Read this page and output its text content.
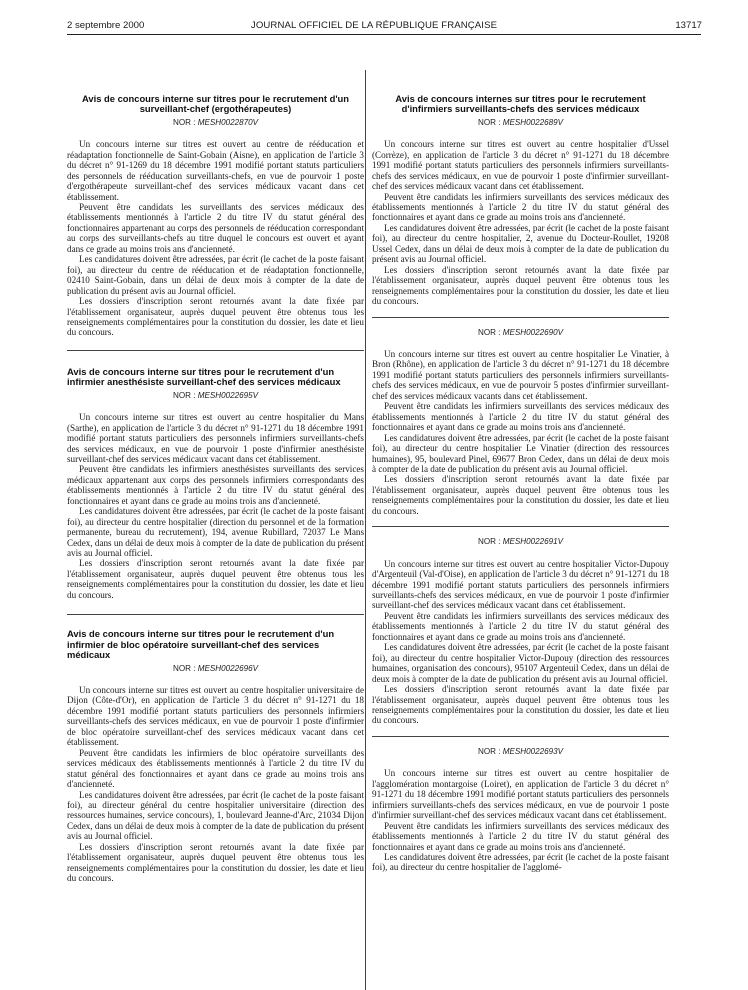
2 septembre 2000	JOURNAL OFFICIEL DE LA RÉPUBLIQUE FRANÇAISE	13717
Avis de concours interne sur titres pour le recrutement d'un surveillant-chef (ergothérapeutes)
NOR : MESH0022870V

Un concours interne sur titres est ouvert au centre de rééducation et réadaptation fonctionnelle de Saint-Gobain (Aisne), en application de l'article 3 du décret n° 91-1269 du 18 décembre 1991 modifié portant statuts particuliers des personnels de rééducation surveillants-chefs, en vue de pourvoir 1 poste d'ergothérapeute surveillant-chef des services médicaux vacant dans cet établissement.

Peuvent être candidats les surveillants des services médicaux des établissements mentionnés à l'article 2 du titre IV du statut général des fonctionnaires appartenant au corps des personnels de rééducation correspondant au corps des surveillants-chefs au titre duquel le concours est ouvert et ayant dans ce grade au moins trois ans d'ancienneté.

Les candidatures doivent être adressées, par écrit (le cachet de la poste faisant foi), au directeur du centre de rééducation et de réadaptation fonctionnelle, 02410 Saint-Gobain, dans un délai de deux mois à compter de la date de publication du présent avis au Journal officiel.

Les dossiers d'inscription seront retournés avant la date fixée par l'établissement organisateur, auprès duquel peuvent être obtenus tous les renseignements complémentaires pour la constitution du dossier, les date et lieu du concours.

Avis de concours interne sur titres pour le recrutement d'un infirmier anesthésiste surveillant-chef des services médicaux
NOR : MESH0022695V

Un concours interne sur titres est ouvert au centre hospitalier du Mans (Sarthe), en application de l'article 3 du décret n° 91-1271 du 18 décembre 1991 modifié portant statuts particuliers des personnels infirmiers surveillants-chefs des services médicaux, en vue de pourvoir 1 poste d'infirmier anesthésiste surveillant-chef des services médicaux vacant dans cet établissement.

Peuvent être candidats les infirmiers anesthésistes surveillants des services médicaux appartenant aux corps des personnels infirmiers correspondants des établissements mentionnés à l'article 2 du titre IV du statut général des fonctionnaires et ayant dans ce grade au moins trois ans d'ancienneté.

Les candidatures doivent être adressées, par écrit (le cachet de la poste faisant foi), au directeur du centre hospitalier (direction du personnel et de la formation permanente, bureau du recrutement), 194, avenue Rubillard, 72037 Le Mans Cedex, dans un délai de deux mois à compter de la date de publication du présent avis au Journal officiel.

Les dossiers d'inscription seront retournés avant la date fixée par l'établissement organisateur, auprès duquel peuvent être obtenus tous les renseignements complémentaires pour la constitution du dossier, les date et lieu du concours.

Avis de concours interne sur titres pour le recrutement d'un infirmier de bloc opératoire surveillant-chef des services médicaux
NOR : MESH0022696V

Un concours interne sur titres est ouvert au centre hospitalier universitaire de Dijon (Côte-d'Or), en application de l'article 3 du décret n° 91-1271 du 18 décembre 1991 modifié portant statuts particuliers des personnels infirmiers surveillants-chefs des services médicaux, en vue de pourvoir 1 poste d'infirmier de bloc opératoire surveillant-chef des services médicaux vacant dans cet établissement.

Peuvent être candidats les infirmiers de bloc opératoire surveillants des services médicaux des établissements mentionnés à l'article 2 du titre IV du statut général des fonctionnaires et ayant dans ce grade au moins trois ans d'ancienneté.

Les candidatures doivent être adressées, par écrit (le cachet de la poste faisant foi), au directeur général du centre hospitalier universitaire (direction des ressources humaines, service concours), 1, boulevard Jeanne-d'Arc, 21034 Dijon Cedex, dans un délai de deux mois à compter de la date de publication du présent avis au Journal officiel.

Les dossiers d'inscription seront retournés avant la date fixée par l'établissement organisateur, auprès duquel peuvent être obtenus tous les renseignements complémentaires pour la constitution du dossier, les date et lieu du concours.

Avis de concours internes sur titres pour le recrutement d'infirmiers surveillants-chefs des services médicaux
NOR : MESH0022689V

Un concours interne sur titres est ouvert au centre hospitalier d'Ussel (Corrèze), en application de l'article 3 du décret n° 91-1271 du 18 décembre 1991 modifié portant statuts particuliers des personnels infirmiers surveillants-chefs des services médicaux, en vue de pourvoir 1 poste d'infirmier surveillant-chef des services médicaux vacant dans cet établissement.

Peuvent être candidats les infirmiers surveillants des services médicaux des établissements mentionnés à l'article 2 du titre IV du statut général des fonctionnaires et ayant dans ce grade au moins trois ans d'ancienneté.

Les candidatures doivent être adressées, par écrit (le cachet de la poste faisant foi), au directeur du centre hospitalier, 2, avenue du Docteur-Roullet, 19208 Ussel Cedex, dans un délai de deux mois à compter de la date de publication du présent avis au Journal officiel.

Les dossiers d'inscription seront retournés avant la date fixée par l'établissement organisateur, auprès duquel peuvent être obtenus tous les renseignements complémentaires pour la constitution du dossier, les date et lieu du concours.

NOR : MESH0022690V

Un concours interne sur titres est ouvert au centre hospitalier Le Vinatier, à Bron (Rhône), en application de l'article 3 du décret n° 91-1271 du 18 décembre 1991 modifié portant statuts particuliers des personnels infirmiers surveillants-chefs des services médicaux, en vue de pourvoir 5 postes d'infirmier surveillant-chef des services médicaux vacants dans cet établissement.

Peuvent être candidats les infirmiers surveillants des services médicaux des établissements mentionnés à l'article 2 du titre IV du statut général des fonctionnaires et ayant dans ce grade au moins trois ans d'ancienneté.

Les candidatures doivent être adressées, par écrit (le cachet de la poste faisant foi), au directeur du centre hospitalier Le Vinatier (direction des ressources humaines), 95, boulevard Pinel, 69677 Bron Cedex, dans un délai de deux mois à compter de la date de publication du présent avis au Journal officiel.

Les dossiers d'inscription seront retournés avant la date fixée par l'établissement organisateur, auprès duquel peuvent être obtenus tous les renseignements complémentaires pour la constitution du dossier, les date et lieu du concours.

NOR : MESH0022691V

Un concours interne sur titres est ouvert au centre hospitalier Victor-Dupouy d'Argenteuil (Val-d'Oise), en application de l'article 3 du décret n° 91-1271 du 18 décembre 1991 modifié portant statuts particuliers des personnels infirmiers surveillants-chefs des services médicaux, en vue de pourvoir 1 poste d'infirmier surveillant-chef des services médicaux vacant dans cet établissement.

Peuvent être candidats les infirmiers surveillants des services médicaux des établissements mentionnés à l'article 2 du titre IV du statut général des fonctionnaires et ayant dans ce grade au moins trois ans d'ancienneté.

Les candidatures doivent être adressées, par écrit (le cachet de la poste faisant foi), au directeur du centre hospitalier Victor-Dupouy (direction des ressources humaines, organisation des concours), 95107 Argenteuil Cedex, dans un délai de deux mois à compter de la date de publication du présent avis au Journal officiel.

Les dossiers d'inscription seront retournés avant la date fixée par l'établissement organisateur, auprès duquel peuvent être obtenus tous les renseignements complémentaires pour la constitution du dossier, les date et lieu du concours.

NOR : MESH0022693V

Un concours interne sur titres est ouvert au centre hospitalier de l'agglomération montargoise (Loiret), en application de l'article 3 du décret n° 91-1271 du 18 décembre 1991 modifié portant statuts particuliers des personnels infirmiers surveillants-chefs des services médicaux, en vue de pourvoir 1 poste d'infirmier surveillant-chef des services médicaux vacant dans cet établissement.

Peuvent être candidats les infirmiers surveillants des services médicaux des établissements mentionnés à l'article 2 du titre IV du statut général des fonctionnaires et ayant dans ce grade au moins trois ans d'ancienneté.

Les candidatures doivent être adressées, par écrit (le cachet de la poste faisant foi), au directeur du centre hospitalier de l'agglomé-
